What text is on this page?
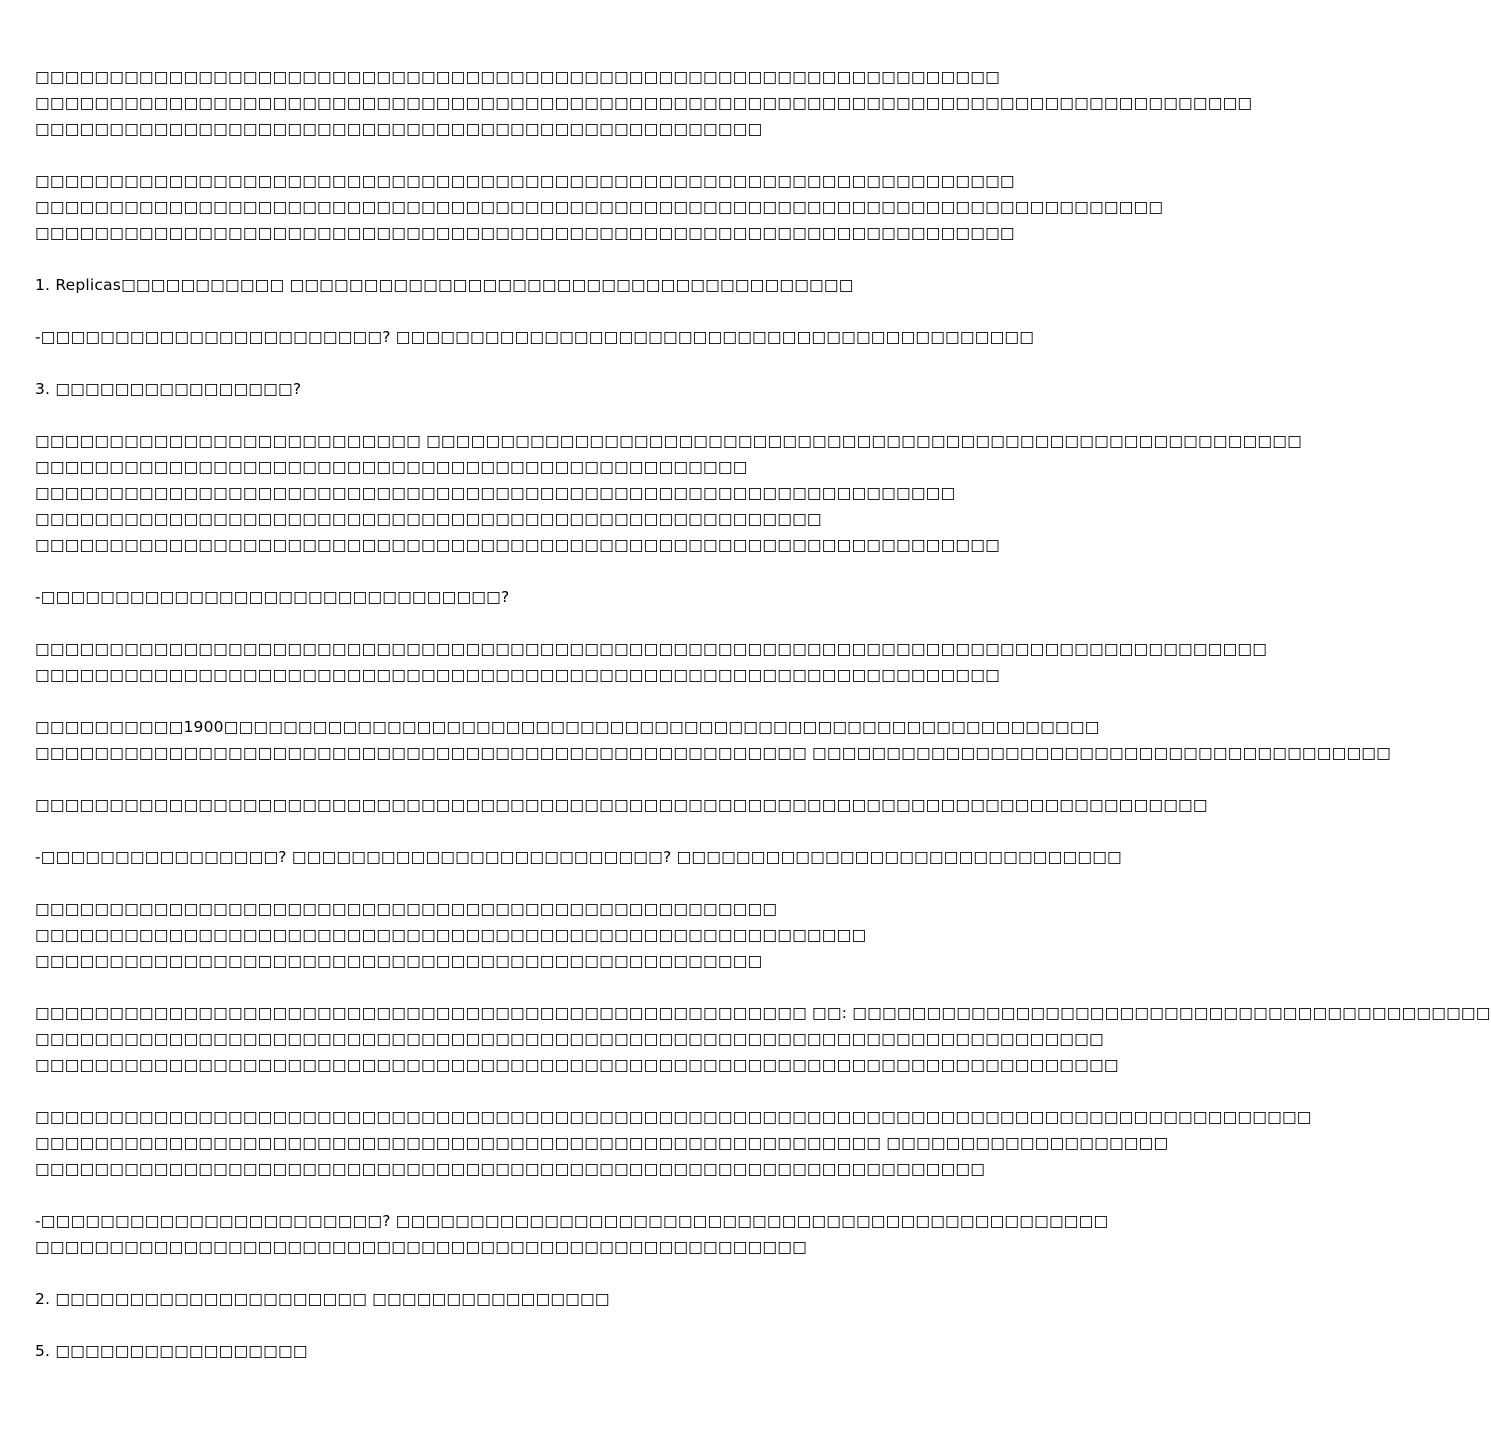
□□□□□□□□□□□□□□□□□□□□□□□□□□□□□□□□□□□□□□□□□□□□□□□□□□□□□□□□□□□□□□□□□
□□□□□□□□□□□□□□□□□□□□□□□□□□□□□□□□□□□□□□□□□□□□□□□□□□□□□□□□□□□□□□□□□□□□□□□□□□□□□□□□□□
□□□□□□□□□□□□□□□□□□□□□□□□□□□□□□□□□□□□□□□□□□□□□□□□□

□□□□□□□□□□□□□□□□□□□□□□□□□□□□□□□□□□□□□□□□□□□□□□□□□□□□□□□□□□□□□□□□□□
□□□□□□□□□□□□□□□□□□□□□□□□□□□□□□□□□□□□□□□□□□□□□□□□□□□□□□□□□□□□□□□□□□□□□□□□□□□□
□□□□□□□□□□□□□□□□□□□□□□□□□□□□□□□□□□□□□□□□□□□□□□□□□□□□□□□□□□□□□□□□□□

1. Replicas□□□□□□□□□□□ □□□□□□□□□□□□□□□□□□□□□□□□□□□□□□□□□□□□□□

-□□□□□□□□□□□□□□□□□□□□□□□? □□□□□□□□□□□□□□□□□□□□□□□□□□□□□□□□□□□□□□□□□□□

3. □□□□□□□□□□□□□□□□?

□□□□□□□□□□□□□□□□□□□□□□□□□□ □□□□□□□□□□□□□□□□□□□□□□□□□□□□□□□□□□□□□□□□□□□□□□□□□□□□□□□□□□□
□□□□□□□□□□□□□□□□□□□□□□□□□□□□□□□□□□□□□□□□□□□□□□□□
□□□□□□□□□□□□□□□□□□□□□□□□□□□□□□□□□□□□□□□□□□□□□□□□□□□□□□□□□□□□□□
□□□□□□□□□□□□□□□□□□□□□□□□□□□□□□□□□□□□□□□□□□□□□□□□□□□□□
□□□□□□□□□□□□□□□□□□□□□□□□□□□□□□□□□□□□□□□□□□□□□□□□□□□□□□□□□□□□□□□□□

-□□□□□□□□□□□□□□□□□□□□□□□□□□□□□□□?

□□□□□□□□□□□□□□□□□□□□□□□□□□□□□□□□□□□□□□□□□□□□□□□□□□□□□□□□□□□□□□□□□□□□□□□□□□□□□□□□□□□
□□□□□□□□□□□□□□□□□□□□□□□□□□□□□□□□□□□□□□□□□□□□□□□□□□□□□□□□□□□□□□□□□

□□□□□□□□□□1900□□□□□□□□□□□□□□□□□□□□□□□□□□□□□□□□□□□□□□□□□□□□□□□□□□□□□□□□□□□
□□□□□□□□□□□□□□□□□□□□□□□□□□□□□□□□□□□□□□□□□□□□□□□□□□□□ □□□□□□□□□□□□□□□□□□□□□□□□□□□□□□□□□□□□□□□

□□□□□□□□□□□□□□□□□□□□□□□□□□□□□□□□□□□□□□□□□□□□□□□□□□□□□□□□□□□□□□□□□□□□□□□□□□□□□□□

-□□□□□□□□□□□□□□□□? □□□□□□□□□□□□□□□□□□□□□□□□□? □□□□□□□□□□□□□□□□□□□□□□□□□□□□□□

□□□□□□□□□□□□□□□□□□□□□□□□□□□□□□□□□□□□□□□□□□□□□□□□□□
□□□□□□□□□□□□□□□□□□□□□□□□□□□□□□□□□□□□□□□□□□□□□□□□□□□□□□□□
□□□□□□□□□□□□□□□□□□□□□□□□□□□□□□□□□□□□□□□□□□□□□□□□□

□□□□□□□□□□□□□□□□□□□□□□□□□□□□□□□□□□□□□□□□□□□□□□□□□□□□ □□: □□□□□□□□□□□□□□□□□□□□□□□□□□□□□□□□□□□□□□□□□□□
□□□□□□□□□□□□□□□□□□□□□□□□□□□□□□□□□□□□□□□□□□□□□□□□□□□□□□□□□□□□□□□□□□□□□□□□
□□□□□□□□□□□□□□□□□□□□□□□□□□□□□□□□□□□□□□□□□□□□□□□□□□□□□□□□□□□□□□□□□□□□□□□□□

□□□□□□□□□□□□□□□□□□□□□□□□□□□□□□□□□□□□□□□□□□□□□□□□□□□□□□□□□□□□□□□□□□□□□□□□□□□□□□□□□□□□□□
□□□□□□□□□□□□□□□□□□□□□□□□□□□□□□□□□□□□□□□□□□□□□□□□□□□□□□□□□ □□□□□□□□□□□□□□□□□□□
□□□□□□□□□□□□□□□□□□□□□□□□□□□□□□□□□□□□□□□□□□□□□□□□□□□□□□□□□□□□□□□□

-□□□□□□□□□□□□□□□□□□□□□□□? □□□□□□□□□□□□□□□□□□□□□□□□□□□□□□□□□□□□□□□□□□□□□□□□
□□□□□□□□□□□□□□□□□□□□□□□□□□□□□□□□□□□□□□□□□□□□□□□□□□□□

2. □□□□□□□□□□□□□□□□□□□□□ □□□□□□□□□□□□□□□□

5. □□□□□□□□□□□□□□□□□
